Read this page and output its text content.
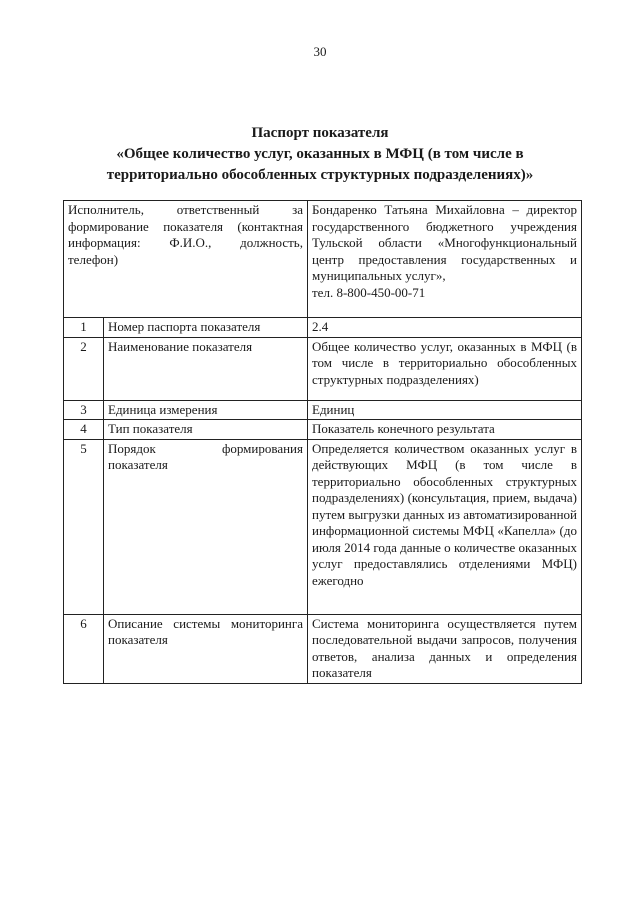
30
Паспорт показателя
«Общее количество услуг, оказанных в МФЦ (в том числе в
территориально обособленных структурных подразделениях)»
Исполнитель, ответственный за формирование показателя (контактная информация: Ф.И.О., должность, телефон)		Бондаренко Татьяна Михайловна – директор государственного бюджетного учреждения Тульской области «Многофункциональный центр предоставления государственных и муниципальных услуг»,
тел. 8-800-450-00-71

1	Номер паспорта показателя	2.4
2	Наименование показателя	Общее количество услуг, оказанных в МФЦ (в том числе в территориально обособленных структурных подразделениях)
3	Единица измерения	Единиц
4	Тип показателя	Показатель конечного результата
5	Порядок формирования показателя	Определяется количеством оказанных услуг в действующих МФЦ (в том числе в территориально обособленных структурных подразделениях) (консультация, прием, выдача) путем выгрузки данных из автоматизированной информационной системы МФЦ «Капелла» (до июля 2014 года данные о количестве оказанных услуг предоставлялись отделениями МФЦ) ежегодно
6	Описание системы мониторинга показателя	Система мониторинга осуществляется путем последовательной выдачи запросов, получения ответов, анализа данных и определения показателя
